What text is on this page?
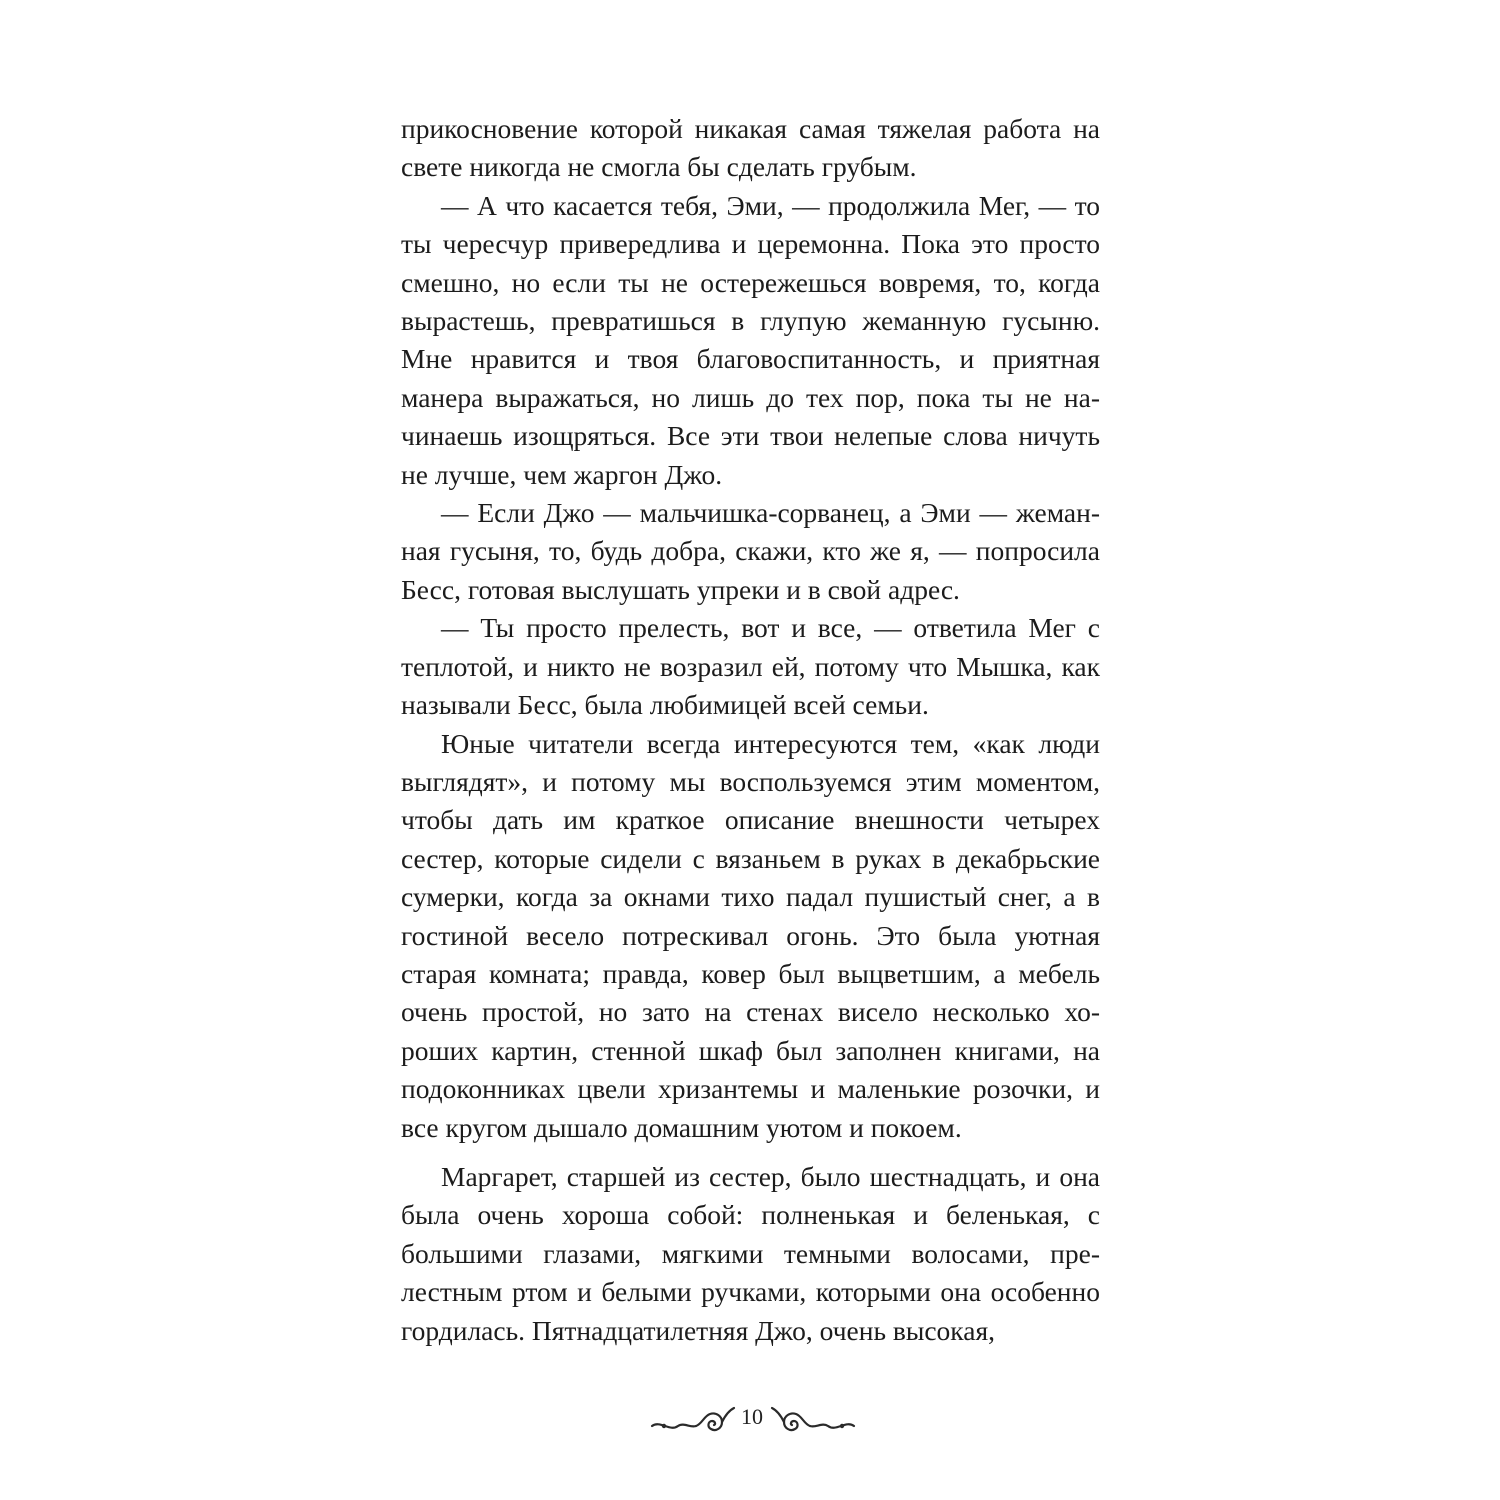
прикосновение которой никакая самая тяжелая работа на свете никогда не смогла бы сделать грубым.

— А что касается тебя, Эми, — продолжила Мег, — то ты чересчур привередлива и церемонна. Пока это просто смешно, но если ты не остережешься вовремя, то, когда вырастешь, превратишься в глупую жеманную гусыню. Мне нравится и твоя благовоспитанность, и приятная манера выражаться, но лишь до тех пор, пока ты не начинаешь изощряться. Все эти твои нелепые слова ничуть не лучше, чем жаргон Джо.

— Если Джо — мальчишка-сорванец, а Эми — жеманная гусыня, то, будь добра, скажи, кто же я, — попросила Бесс, готовая выслушать упреки и в свой адрес.

— Ты просто прелесть, вот и все, — ответила Мег с теплотой, и никто не возразил ей, потому что Мышка, как называли Бесс, была любимицей всей семьи.

Юные читатели всегда интересуются тем, «как люди выглядят», и потому мы воспользуемся этим моментом, чтобы дать им краткое описание внешности четырех сестер, которые сидели с вязаньем в руках в декабрьские сумерки, когда за окнами тихо падал пушистый снег, а в гостиной весело потрескивал огонь. Это была уютная старая комната; правда, ковер был выцветшим, а мебель очень простой, но зато на стенах висело несколько хороших картин, стенной шкаф был заполнен книгами, на подоконниках цвели хризантемы и маленькие розочки, и все кругом дышало домашним уютом и покоем.

Маргарет, старшей из сестер, было шестнадцать, и она была очень хороша собой: полненькая и беленькая, с большими глазами, мягкими темными волосами, прелестным ртом и белыми ручками, которыми она особенно гордилась. Пятнадцатилетняя Джо, очень высокая,

10
